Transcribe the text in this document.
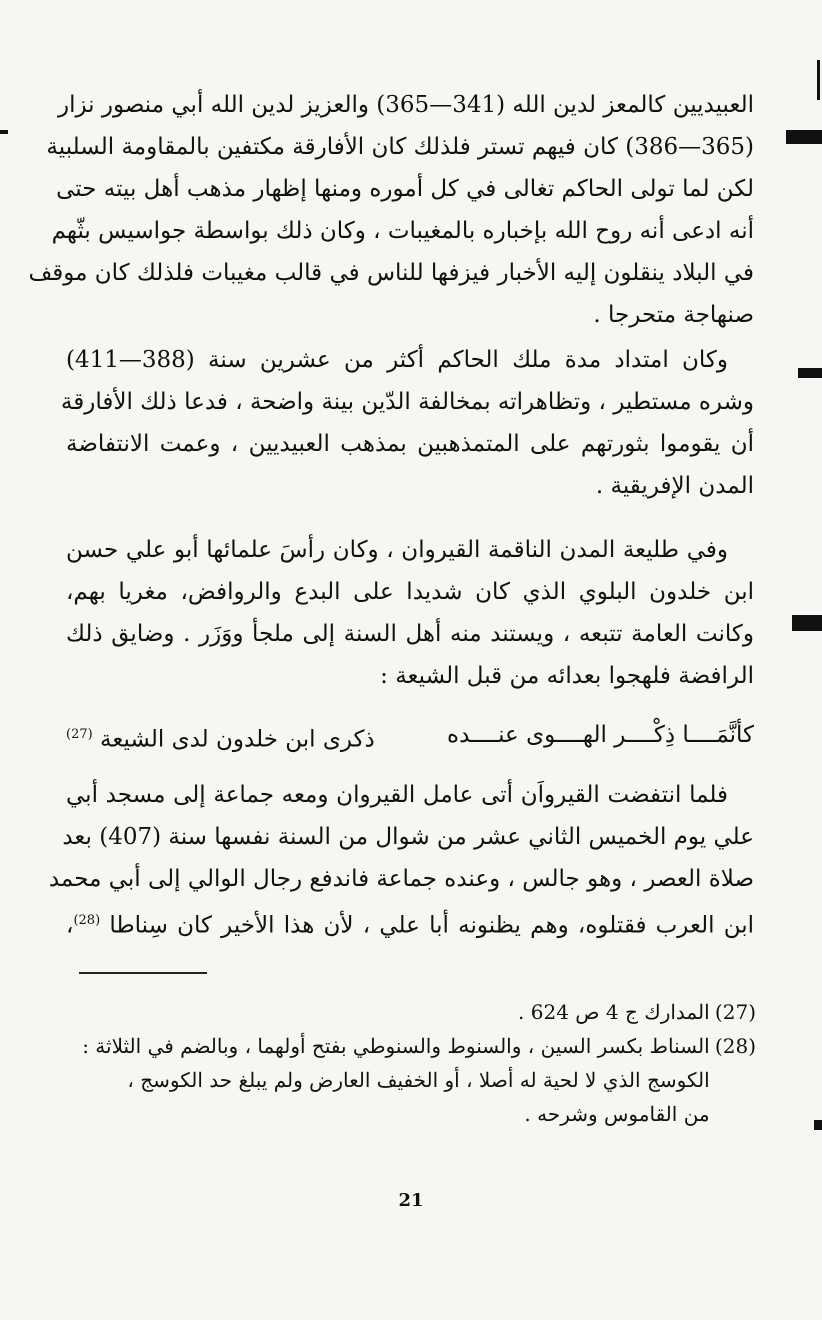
العبيديين كالمعز لدين الله (341—365) والعزيز لدين الله أبي منصور نزار
(365—386) كان فيهم تستر فلذلك كان الأفارقة مكتفين بالمقاومة السلبية
لكن لما تولى الحاكم تغالى في كل أموره ومنها إظهار مذهب أهل بيته حتى
أنه ادعى أنه روح الله بإخباره بالمغيبات ، وكان ذلك بواسطة جواسيس بثّهم
في البلاد ينقلون إليه الأخبار فيزفها للناس في قالب مغيبات فلذلك كان موقف
صنهاجة متحرجا .
وكان امتداد مدة ملك الحاكم أكثر من عشرين سنة (388—411)
وشره مستطير ، وتظاهراته بمخالفة الدّين بينة واضحة ، فدعا ذلك الأفارقة
أن يقوموا بثورتهم على المتمذهبين بمذهب العبيديين ، وعمت الانتفاضة
المدن الإفريقية .
وفي طليعة المدن الناقمة القيروان ، وكان رأسَ علمائها أبو علي حسن
ابن خلدون البلوي الذي كان شديدا على البدع والروافض، مغريا بهم،
وكانت العامة تتبعه ، ويستند منه أهل السنة إلى ملجأ ووَزَر . وضايق ذلك
الرافضة فلهجوا بعدائه من قبل الشيعة :
كأنَّمَــــا ذِكْــــر الهــــوى عنــــده
ذكرى ابن خلدون لدى الشيعة $^{(27)}$
فلما انتفضت القيرواَن أتى عامل القيروان ومعه جماعة إلى مسجد أبي
علي يوم الخميس الثاني عشر من شوال من السنة نفسها سنة (407) بعد
صلاة العصر ، وهو جالس ، وعنده جماعة فاندفع رجال الوالي إلى أبي محمد
ابن العرب فقتلوه، وهم يظنونه أبا علي ، لأن هذا الأخير كان سِناطا $^{(28)}$،
(27) المدارك ج 4 ص 624 .
(28) السناط بكسر السين ، والسنوط والسنوطي بفتح أولهما ، وبالضم في الثلاثة :
الكوسج الذي لا لحية له أصلا ، أو الخفيف العارض ولم يبلغ حد الكوسج ،
من القاموس وشرحه .
21
